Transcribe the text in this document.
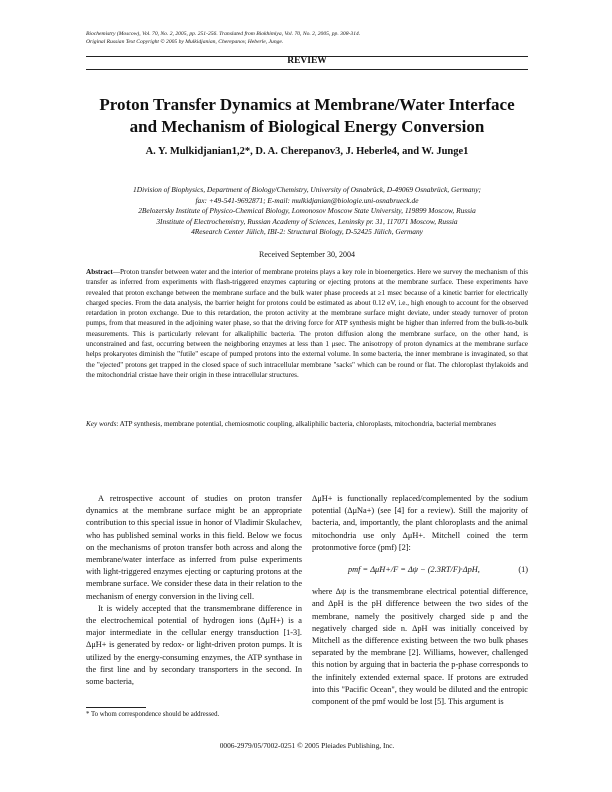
Biochemistry (Moscow), Vol. 70, No. 2, 2005, pp. 251-256. Translated from Biokhimiya, Vol. 70, No. 2, 2005, pp. 308-314.
Original Russian Text Copyright © 2005 by Mulkidjanian, Cherepanov, Heberle, Junge.
REVIEW
Proton Transfer Dynamics at Membrane/Water Interface
and Mechanism of Biological Energy Conversion
A. Y. Mulkidjanian1,2*, D. A. Cherepanov3, J. Heberle4, and W. Junge1
1Division of Biophysics, Department of Biology/Chemistry, University of Osnabrück, D-49069 Osnabrück, Germany;
fax: +49-541-9692871; E-mail: mulkidjanian@biologie.uni-osnabrueck.de
2Belozersky Institute of Physico-Chemical Biology, Lomonosov Moscow State University, 119899 Moscow, Russia
3Institute of Electrochemistry, Russian Academy of Sciences, Leninsky pr. 31, 117071 Moscow, Russia
4Research Center Jülich, IBI-2: Structural Biology, D-52425 Jülich, Germany
Received September 30, 2004
Abstract—Proton transfer between water and the interior of membrane proteins plays a key role in bioenergetics. Here we survey the mechanism of this transfer as inferred from experiments with flash-triggered enzymes capturing or ejecting protons at the membrane surface. These experiments have revealed that proton exchange between the membrane surface and the bulk water phase proceeds at ≥1 msec because of a kinetic barrier for electrically charged species. From the data analysis, the barrier height for protons could be estimated as about 0.12 eV, i.e., high enough to account for the observed retardation in proton exchange. Due to this retardation, the proton activity at the membrane surface might deviate, under steady turnover of proton pumps, from that measured in the adjoining water phase, so that the driving force for ATP synthesis might be higher than inferred from the bulk-to-bulk measurements. This is particularly relevant for alkaliphilic bacteria. The proton diffusion along the membrane surface, on the other hand, is unconstrained and fast, occurring between the neighboring enzymes at less than 1 μsec. The anisotropy of proton dynamics at the membrane surface helps prokaryotes diminish the "futile" escape of pumped protons into the external volume. In some bacteria, the inner membrane is invaginated, so that the "ejected" protons get trapped in the closed space of such intracellular membrane "sacks" which can be round or flat. The chloroplast thylakoids and the mitochondrial cristae have their origin in these intracellular structures.
Key words: ATP synthesis, membrane potential, chemiosmotic coupling, alkaliphilic bacteria, chloroplasts, mitochondria, bacterial membranes

A retrospective account of studies on proton transfer dynamics at the membrane surface might be an appropriate contribution to this special issue in honor of Vladimir Skulachev, who has published seminal works in this field. Below we focus on the mechanisms of proton transfer both across and along the membrane/water interface as inferred from pulse experiments with light-triggered enzymes ejecting or capturing protons at the membrane surface. We consider these data in their relation to the mechanism of energy conversion in the living cell.

It is widely accepted that the transmembrane difference in the electrochemical potential of hydrogen ions (Δμ̃H+) is a major intermediate in the cellular energy transduction [1-3]. Δμ̃H+ is generated by redox- or light-driven proton pumps. It is utilized by the energy-consuming enzymes, the ATP synthase in the first line and by secondary transporters in the second. In some bacteria,

Δμ̃H+ is functionally replaced/complemented by the sodium potential (Δμ̃Na+) (see [4] for a review). Still the majority of bacteria, and, importantly, the plant chloroplasts and the animal mitochondria use only Δμ̃H+. Mitchell coined the term protonmotive force (pmf) [2]:

pmf = Δμ̃H+/F = Δψ − (2.3RT/F)·ΔpH,	(1)

where Δψ is the transmembrane electrical potential difference, and ΔpH is the pH difference between the two sides of the membrane, namely the positively charged side p and the negatively charged side n. ΔpH was initially conceived by Mitchell as the difference existing between the two bulk phases separated by the membrane [2]. Williams, however, challenged this notion by arguing that in bacteria the p-phase corresponds to the infinitely extended external space. If protons are extruded into this "Pacific Ocean", they would be diluted and the entropic component of the pmf would be lost [5]. This argument is

* To whom correspondence should be addressed.
0006-2979/05/7002-0251 © 2005 Pleiades Publishing, Inc.
